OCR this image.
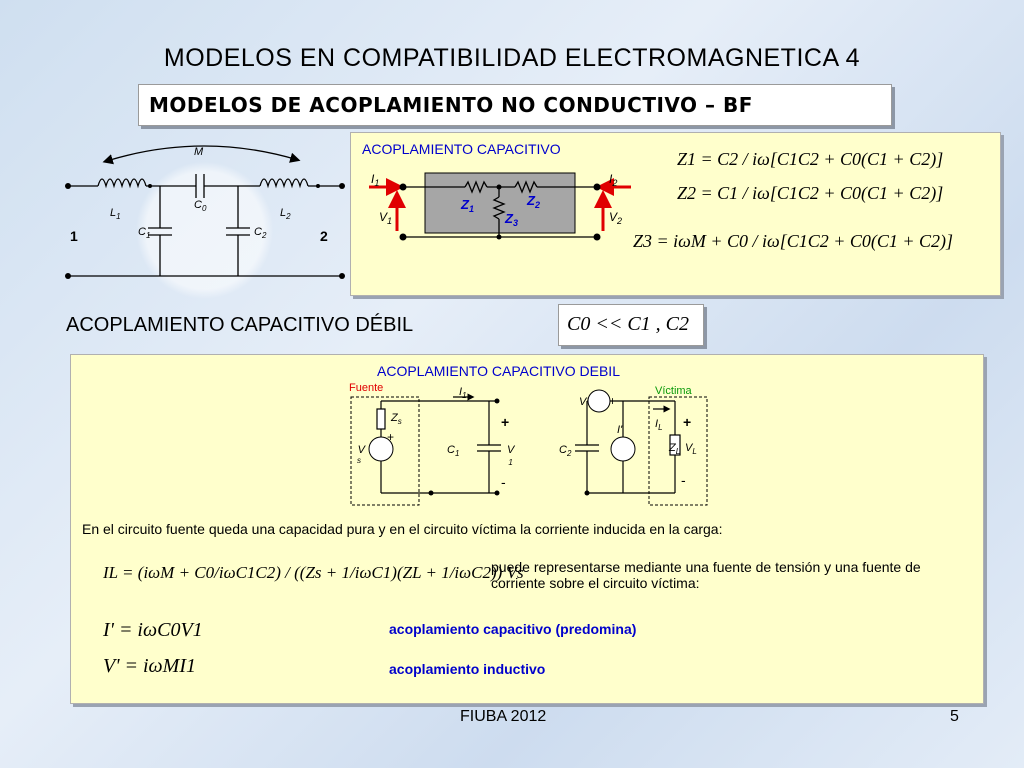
MODELOS EN COMPATIBILIDAD ELECTROMAGNETICA 4
MODELOS DE ACOPLAMIENTO NO CONDUCTIVO – BF
M
$L_1$	$L_2$
$C_0$
$C_1$	$C_2$
1	2
ACOPLAMIENTO CAPACITIVO
$I_1$	$I_2$
$V_1$	$V_2$
$Z_1$
$Z_2$
$Z_3$
Z1 = C2 / iω[C1C2 + C0(C1 + C2)]
Z2 = C1 / iω[C1C2 + C0(C1 + C2)]
Z3 = iωM + C0 / iω[C1C2 + C0(C1 + C2)]
ACOPLAMIENTO CAPACITIVO DÉBIL	C0 << C1 , C2
ACOPLAMIENTO CAPACITIVO DEBIL
Fuente	Víctima
$Z_s$
V s
+
$I_1$
+
-
$C_1$	V 1
$C_2$
V' +
I'	$I_L$ +
$Z_L$ $V_L$
-
En el circuito fuente queda una capacidad pura y en el circuito víctima la corriente inducida en la carga:
IL = (iωM + C0/iωC1C2) / ((Zs + 1/iωC1)(ZL + 1/iωC2)) Vs
puede representarse mediante una fuente de tensión y una fuente de corriente sobre el circuito víctima:
I' = iωC0V1	acoplamiento capacitivo (predomina)
V' = iωMI1	acoplamiento inductivo
FIUBA 2012	5
